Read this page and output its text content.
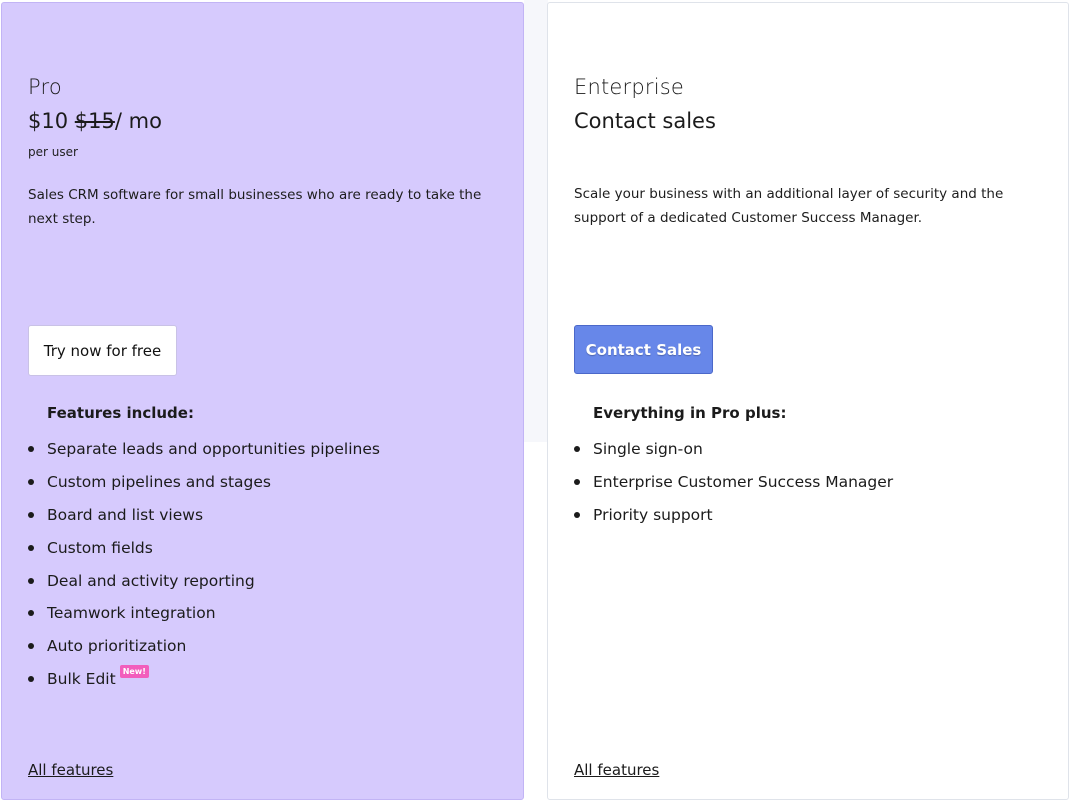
Pro
$10 $15/ mo
per user
Sales CRM software for small businesses who are ready to take the next step.
Try now for free
Features include:
Separate leads and opportunities pipelines
Custom pipelines and stages
Board and list views
Custom fields
Deal and activity reporting
Teamwork integration
Auto prioritization
Bulk Edit New!
All features
Enterprise
Contact sales
Scale your business with an additional layer of security and the support of a dedicated Customer Success Manager.
Contact Sales
Everything in Pro plus:
Single sign-on
Enterprise Customer Success Manager
Priority support
All features
